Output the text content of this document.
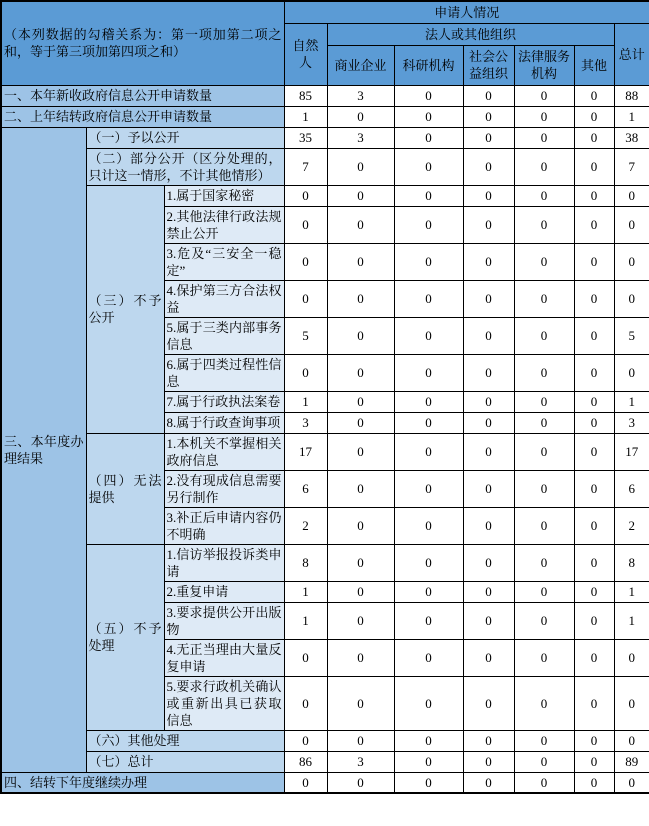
（本列数据的勾稽关系为：第一项加第二项之和，等于第三项加第四项之和）			申请人情况						
			自然人	法人或其他组织					总计
				商业企业	科研机构	社会公益组织	法律服务机构	其他	
一、本年新收政府信息公开申请数量			85	3	0	0	0	0	88
二、上年结转政府信息公开申请数量			1	0	0	0	0	0	1
三、本年度办理结果	（一）予以公开		35	3	0	0	0	0	38
	（二）部分公开（区分处理的，只计这一情形，不计其他情形）		7	0	0	0	0	0	7
	（三）不予公开	1.属于国家秘密	0	0	0	0	0	0	0
		2.其他法律行政法规禁止公开	0	0	0	0	0	0	0
		3.危及“三安全一稳定”	0	0	0	0	0	0	0
		4.保护第三方合法权益	0	0	0	0	0	0	0
		5.属于三类内部事务信息	5	0	0	0	0	0	5
		6.属于四类过程性信息	0	0	0	0	0	0	0
		7.属于行政执法案卷	1	0	0	0	0	0	1
		8.属于行政查询事项	3	0	0	0	0	0	3
	（四）无法提供	1.本机关不掌握相关政府信息	17	0	0	0	0	0	17
		2.没有现成信息需要另行制作	6	0	0	0	0	0	6
		3.补正后申请内容仍不明确	2	0	0	0	0	0	2
	（五）不予处理	1.信访举报投诉类申请	8	0	0	0	0	0	8
		2.重复申请	1	0	0	0	0	0	1
		3.要求提供公开出版物	1	0	0	0	0	0	1
		4.无正当理由大量反复申请	0	0	0	0	0	0	0
		5.要求行政机关确认或重新出具已获取信息	0	0	0	0	0	0	0
	（六）其他处理		0	0	0	0	0	0	0
	（七）总计		86	3	0	0	0	0	89
四、结转下年度继续办理			0	0	0	0	0	0	0
